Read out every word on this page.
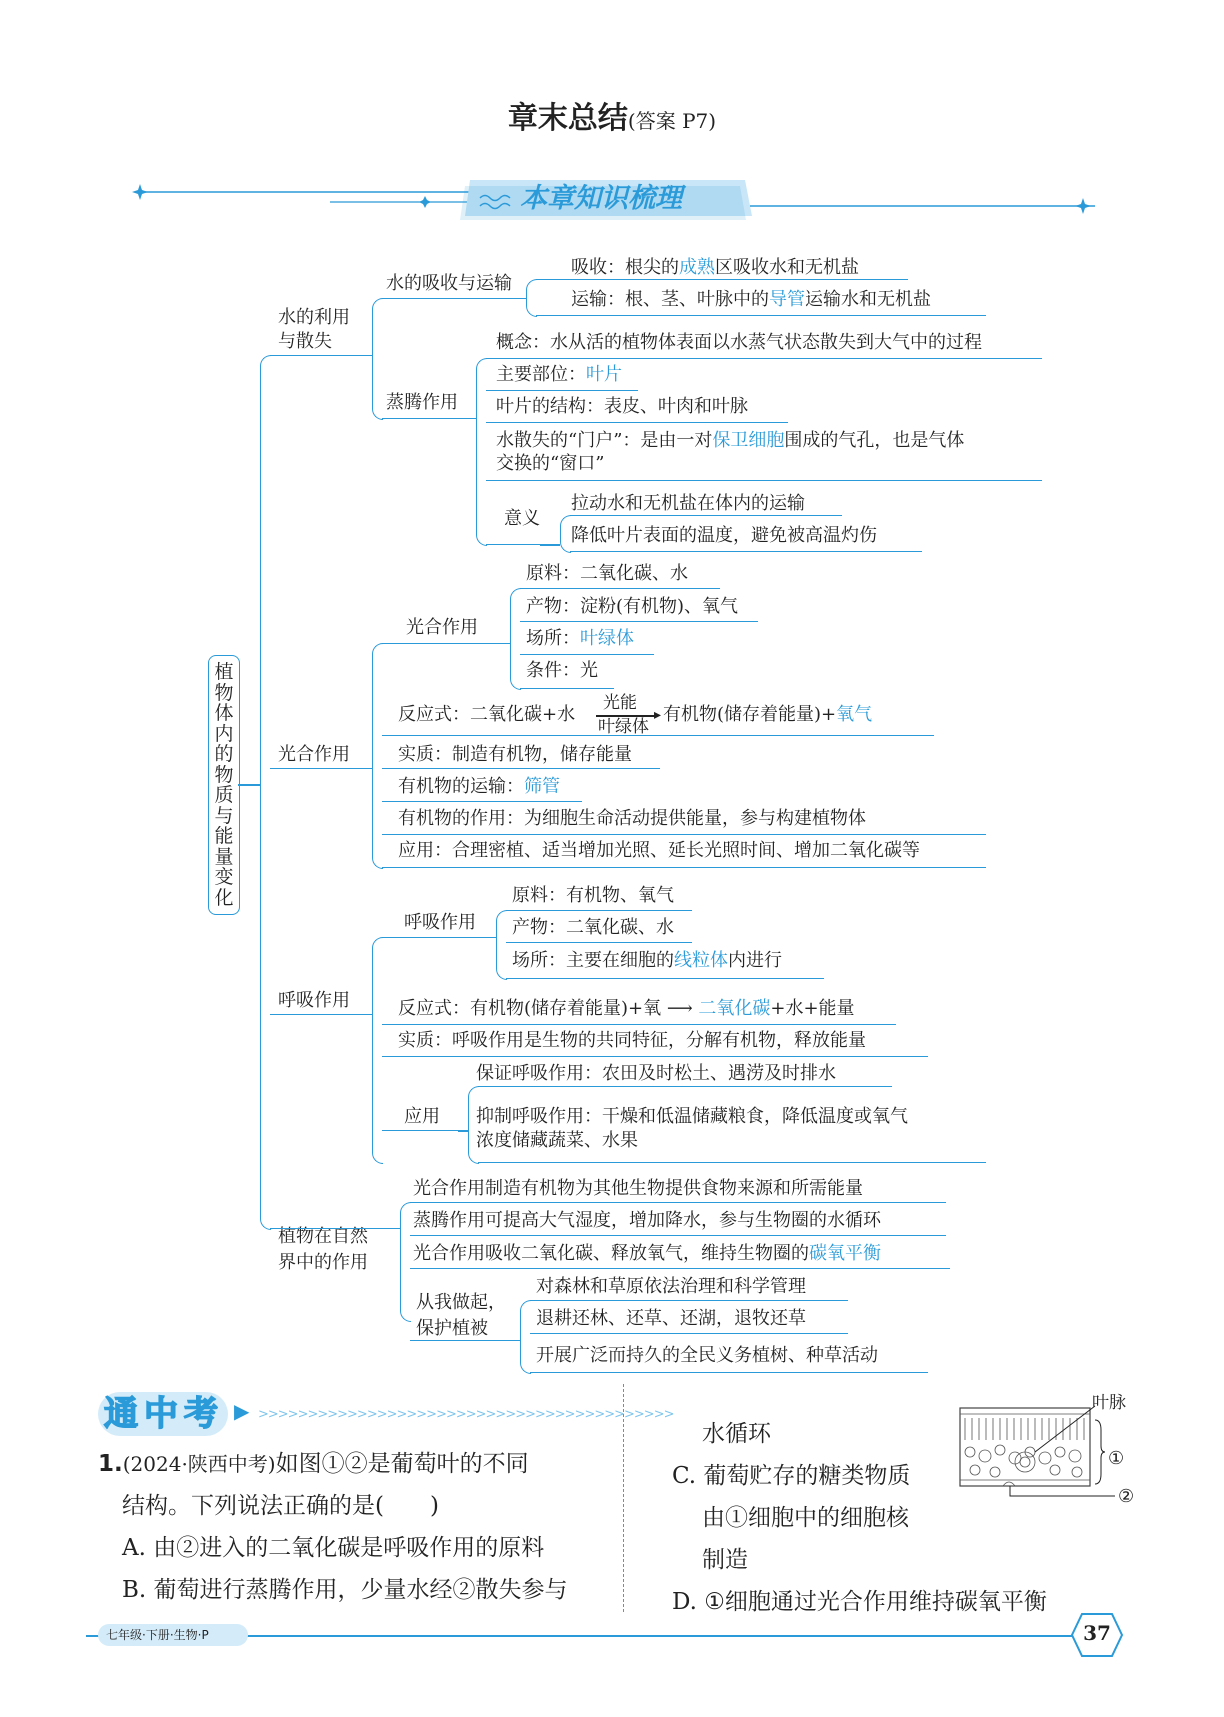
章末总结(答案 P7)
本章知识梳理
植物体内的物质与能量变化
水的利用与散失
水的吸收与运输
吸收：根尖的成熟区吸收水和无机盐
运输：根、茎、叶脉中的导管运输水和无机盐
蒸腾作用
概念：水从活的植物体表面以水蒸气状态散失到大气中的过程
主要部位：叶片
叶片的结构：表皮、叶肉和叶脉
水散失的“门户”：是由一对保卫细胞围成的气孔，也是气体
交换的“窗口”
意义
拉动水和无机盐在体内的运输
降低叶片表面的温度，避免被高温灼伤
光合作用
光合作用
原料：二氧化碳、水
产物：淀粉(有机物)、氧气
场所：叶绿体
条件：光
反应式：二氧化碳+水
光能
▸
叶绿体
有机物(储存着能量)+氧气
实质：制造有机物，储存能量
有机物的运输：筛管
有机物的作用：为细胞生命活动提供能量，参与构建植物体
应用：合理密植、适当增加光照、延长光照时间、增加二氧化碳等
呼吸作用
呼吸作用
原料：有机物、氧气
产物：二氧化碳、水
场所：主要在细胞的线粒体内进行
反应式：有机物(储存着能量)+氧 ⟶ 二氧化碳+水+能量
实质：呼吸作用是生物的共同特征，分解有机物，释放能量
应用
保证呼吸作用：农田及时松土、遇涝及时排水
抑制呼吸作用：干燥和低温储藏粮食，降低温度或氧气
浓度储藏蔬菜、水果
植物在自然界中的作用
光合作用制造有机物为其他生物提供食物来源和所需能量
蒸腾作用可提高大气湿度，增加降水，参与生物圈的水循环
光合作用吸收二氧化碳、释放氧气，维持生物圈的碳氧平衡
从我做起，保护植被
对森林和草原依法治理和科学管理
退耕还林、还草、还湖，退牧还草
开展广泛而持久的全民义务植树、种草活动
通中考 ▶ >>>>>>>>>>>>>>>>>>>>>>>>>>>>>>>>>>>>>>>>>>
1.(2024·陕西中考)如图①②是葡萄叶的不同
结构。下列说法正确的是(　　)
A. 由②进入的二氧化碳是呼吸作用的原料
B. 葡萄进行蒸腾作用，少量水经②散失参与
水循环
C. 葡萄贮存的糖类物质
由①细胞中的细胞核
制造
D. ①细胞通过光合作用维持碳氧平衡
叶脉
①
②
七年级·下册·生物·P	37
